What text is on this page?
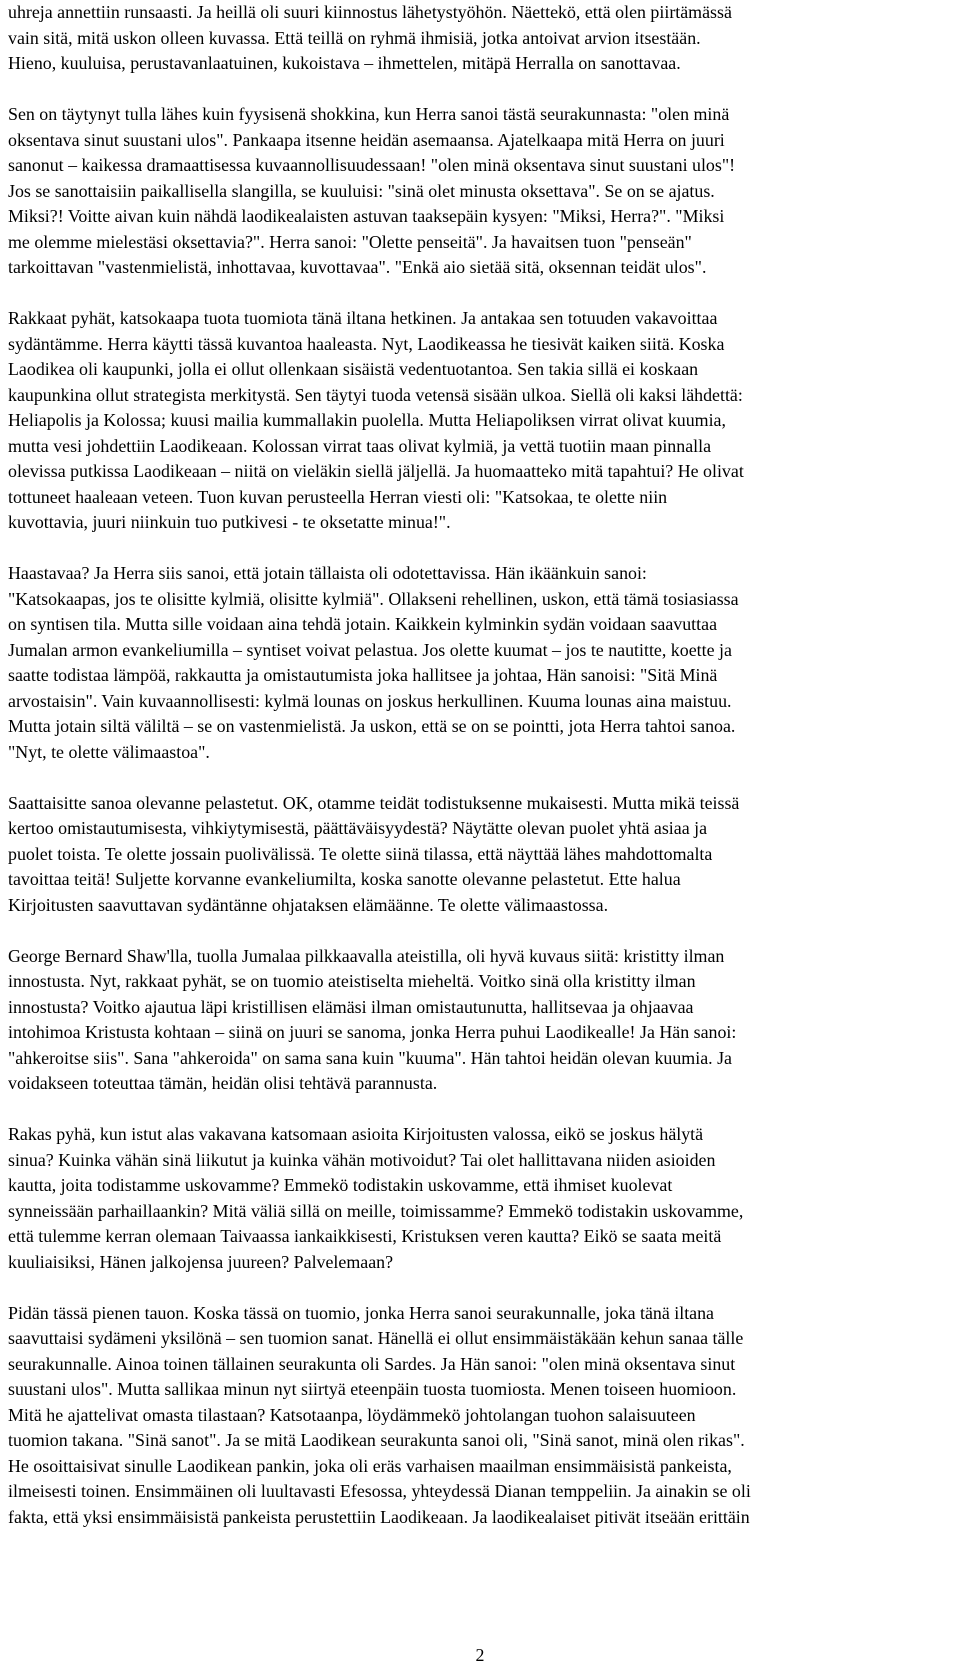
uhreja annettiin runsaasti. Ja heillä oli suuri kiinnostus lähetystyöhön. Näettekö, että olen piirtämässä
vain sitä, mitä uskon olleen kuvassa. Että teillä on ryhmä ihmisiä, jotka antoivat arvion itsestään.
Hieno, kuuluisa, perustavanlaatuinen, kukoistava – ihmettelen, mitäpä Herralla on sanottavaa.

Sen on täytynyt tulla lähes kuin fyysisenä shokkina, kun Herra sanoi tästä seurakunnasta: "olen minä
oksentava sinut suustani ulos". Pankaapa itsenne heidän asemaansa. Ajatelkaapa mitä Herra on juuri
sanonut – kaikessa dramaattisessa kuvaannollisuudessaan! "olen minä oksentava sinut suustani ulos"!
Jos se sanottaisiin paikallisella slangilla, se kuuluisi: "sinä olet minusta oksettava". Se on se ajatus.
Miksi?! Voitte aivan kuin nähdä laodikealaisten astuvan taaksepäin kysyen: "Miksi, Herra?". "Miksi
me olemme mielestäsi oksettavia?". Herra sanoi: "Olette penseitä". Ja havaitsen tuon "penseän"
tarkoittavan "vastenmielistä, inhottavaa, kuvottavaa". "Enkä aio sietää sitä, oksennan teidät ulos".

Rakkaat pyhät, katsokaapa tuota tuomiota tänä iltana hetkinen. Ja antakaa sen totuuden vakavoittaa
sydäntämme. Herra käytti tässä kuvantoa haaleasta. Nyt, Laodikeassa he tiesivät kaiken siitä. Koska
Laodikea oli kaupunki, jolla ei ollut ollenkaan sisäistä vedentuotantoa. Sen takia sillä ei koskaan
kaupunkina ollut strategista merkitystä. Sen täytyi tuoda vetensä sisään ulkoa. Siellä oli kaksi lähdettä:
Heliapolis ja Kolossa; kuusi mailia kummallakin puolella. Mutta Heliapoliksen virrat olivat kuumia,
mutta vesi johdettiin Laodikeaan. Kolossan virrat taas olivat kylmiä, ja vettä tuotiin maan pinnalla
olevissa putkissa Laodikeaan – niitä on vieläkin siellä jäljellä. Ja huomaatteko mitä tapahtui? He olivat
tottuneet haaleaan veteen. Tuon kuvan perusteella Herran viesti oli: "Katsokaa, te olette niin
kuvottavia, juuri niinkuin tuo putkivesi - te oksetatte minua!".

Haastavaa? Ja Herra siis sanoi, että jotain tällaista oli odotettavissa. Hän ikäänkuin sanoi:
"Katsokaapas, jos te olisitte kylmiä, olisitte kylmiä". Ollakseni rehellinen, uskon, että tämä tosiasiassa
on syntisen tila. Mutta sille voidaan aina tehdä jotain. Kaikkein kylminkin sydän voidaan saavuttaa
Jumalan armon evankeliumilla – syntiset voivat pelastua. Jos olette kuumat – jos te nautitte, koette ja
saatte todistaa lämpöä, rakkautta ja omistautumista joka hallitsee ja johtaa, Hän sanoisi: "Sitä Minä
arvostaisin". Vain kuvaannollisesti: kylmä lounas on joskus herkullinen. Kuuma lounas aina maistuu.
Mutta jotain siltä väliltä – se on vastenmielistä. Ja uskon, että se on se pointti, jota Herra tahtoi sanoa.
"Nyt, te olette välimaastoa".

Saattaisitte sanoa olevanne pelastetut. OK, otamme teidät todistuksenne mukaisesti. Mutta mikä teissä
kertoo omistautumisesta, vihkiytymisestä, päättäväisyydestä? Näytätte olevan puolet yhtä asiaa ja
puolet toista. Te olette jossain puolivälissä. Te olette siinä tilassa, että näyttää lähes mahdottomalta
tavoittaa teitä! Suljette korvanne evankeliumilta, koska sanotte olevanne pelastetut. Ette halua
Kirjoitusten saavuttavan sydäntänne ohjataksen elämäänne. Te olette välimaastossa.

George Bernard Shaw'lla, tuolla Jumalaa pilkkaavalla ateistilla, oli hyvä kuvaus siitä: kristitty ilman
innostusta. Nyt, rakkaat pyhät, se on tuomio ateistiselta mieheltä. Voitko sinä olla kristitty ilman
innostusta? Voitko ajautua läpi kristillisen elämäsi ilman omistautunutta, hallitsevaa ja ohjaavaa
intohimoa Kristusta kohtaan – siinä on juuri se sanoma, jonka Herra puhui Laodikealle! Ja Hän sanoi:
"ahkeroitse siis". Sana "ahkeroida" on sama sana kuin "kuuma". Hän tahtoi heidän olevan kuumia. Ja
voidakseen toteuttaa tämän, heidän olisi tehtävä parannusta.

Rakas pyhä, kun istut alas vakavana katsomaan asioita Kirjoitusten valossa, eikö se joskus hälytä
sinua? Kuinka vähän sinä liikutut ja kuinka vähän motivoidut? Tai olet hallittavana niiden asioiden
kautta, joita todistamme uskovamme? Emmekö todistakin uskovamme, että ihmiset kuolevat
synneissään parhaillaankin? Mitä väliä sillä on meille, toimissamme? Emmekö todistakin uskovamme,
että tulemme kerran olemaan Taivaassa iankaikkisesti, Kristuksen veren kautta? Eikö se saata meitä
kuuliaisiksi, Hänen jalkojensa juureen? Palvelemaan?

Pidän tässä pienen tauon. Koska tässä on tuomio, jonka Herra sanoi seurakunnalle, joka tänä iltana
saavuttaisi sydämeni yksilönä – sen tuomion sanat. Hänellä ei ollut ensimmäistäkään kehun sanaa tälle
seurakunnalle. Ainoa toinen tällainen seurakunta oli Sardes. Ja Hän sanoi: "olen minä oksentava sinut
suustani ulos". Mutta sallikaa minun nyt siirtyä eteenpäin tuosta tuomiosta. Menen toiseen huomioon.
Mitä he ajattelivat omasta tilastaan? Katsotaanpa, löydämmekö johtolangan tuohon salaisuuteen
tuomion takana. "Sinä sanot". Ja se mitä Laodikean seurakunta sanoi oli, "Sinä sanot, minä olen rikas".
He osoittaisivat sinulle Laodikean pankin, joka oli eräs varhaisen maailman ensimmäisistä pankeista,
ilmeisesti toinen. Ensimmäinen oli luultavasti Efesossa, yhteydessä Dianan temppeliin. Ja ainakin se oli
fakta, että yksi ensimmäisistä pankeista perustettiin Laodikeaan. Ja laodikealaiset pitivät itseään erittäin

2
